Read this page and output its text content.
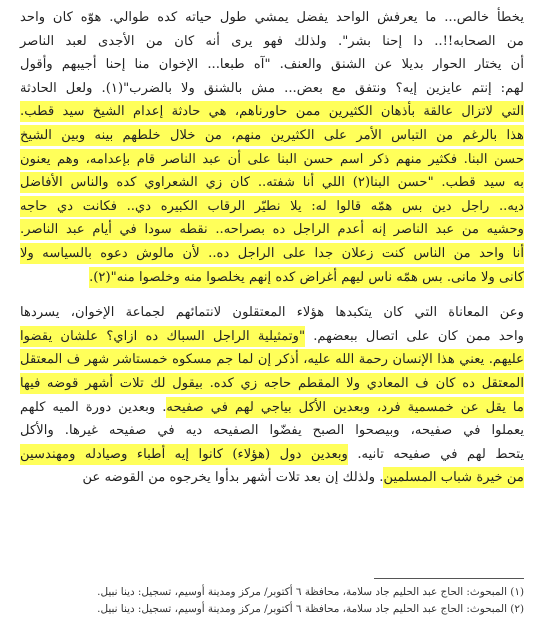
يخطأ خالص... ما يعرفش الواحد يفضل يمشي طول حياته كده طوالي. هوّه كان واحد
من الصحابه!!.. دا إحنا بشر". ولذلك فهو يرى أنه كان من الأجدى لعبد الناصر
أن يختار الحوار بديلا عن الشنق والعنف. "آه طبعا... الإخوان منا إحنا أجيبهم وأقول
لهم: إنتم عايزين إيه؟ ونتفق مع بعض... مش بالشنق ولا بالضرب"(١). ولعل الحادثة
التي لاتزال عالقة بأذهان الكثيرين ممن حاورناهم، هي حادثة إعدام الشيخ سيد قطب.
هذا بالرغم من التباس الأمر على الكثيرين منهم، من خلال خلطهم بينه وبين الشيخ
حسن البنا. فكثير منهم ذكر اسم حسن البنا على أن عبد الناصر قام بإعدامه، وهم يعنون
به سيد قطب. "حسن البنا(٢) اللي أنا شفته.. كان زي الشعراوي كده والناس الأفاضل
ديه.. راجل دين بس همّه قالوا له: يلا نطيّر الرقاب الكبيره دي.. فكانت دي حاجه
وحشيه من عبد الناصر إنه أعدم الراجل ده بصراحه.. نقطه سودا في أيام عبد الناصر.
أنا واحد من الناس كنت زعلان جدا على الراجل ده.. لأن مالوش دعوه بالسياسه ولا
كانى ولا مانى. بس همّه ناس ليهم أغراض كده إنهم يخلصوا منه وخلصوا منه"(٢).
وعن المعاناة التي كان يتكبدها هؤلاء المعتقلون لانتمائهم لجماعة الإخوان، يسردها
واحد ممن كان على اتصال ببعضهم. "وتمثيلية الراجل السباك ده ازاي؟ علشان يقضوا
عليهم. يعني هذا الإنسان رحمة الله عليه، أذكر إن لما جم مسكوه خمستاشر شهر ف المعتقل
المعتقل ده كان ف المعادي ولا المقطم حاجه زي كده. بيقول لك تلات أشهر قوضه فيها
ما يقل عن خمسمية فرد، وبعدين الأكل بياجي لهم في صفيحه. وبعدين دورة الميه كلهم
يعملوا في صفيحه، وبيصحوا الصبح يفضّوا الصفيحه ديه في صفيحه غيرها. والأكل
يتحط لهم في صفيحه تانيه. وبعدين دول (هؤلاء) كانوا إيه أطباء وصيادله ومهندسين
من خيرة شباب المسلمين. ولذلك إن بعد تلات أشهر بدأوا يخرجوه من القوضه عن
(١) المبحوث: الحاج عبد الحليم جاد سلامة، محافظة ٦ أكتوبر/ مركز ومدينة أوسيم، تسجيل: دينا نبيل.
(٢) المبحوث: الحاج عبد الحليم جاد سلامة، محافظة ٦ أكتوبر/ مركز ومدينة أوسيم، تسجيل: دينا نبيل.
